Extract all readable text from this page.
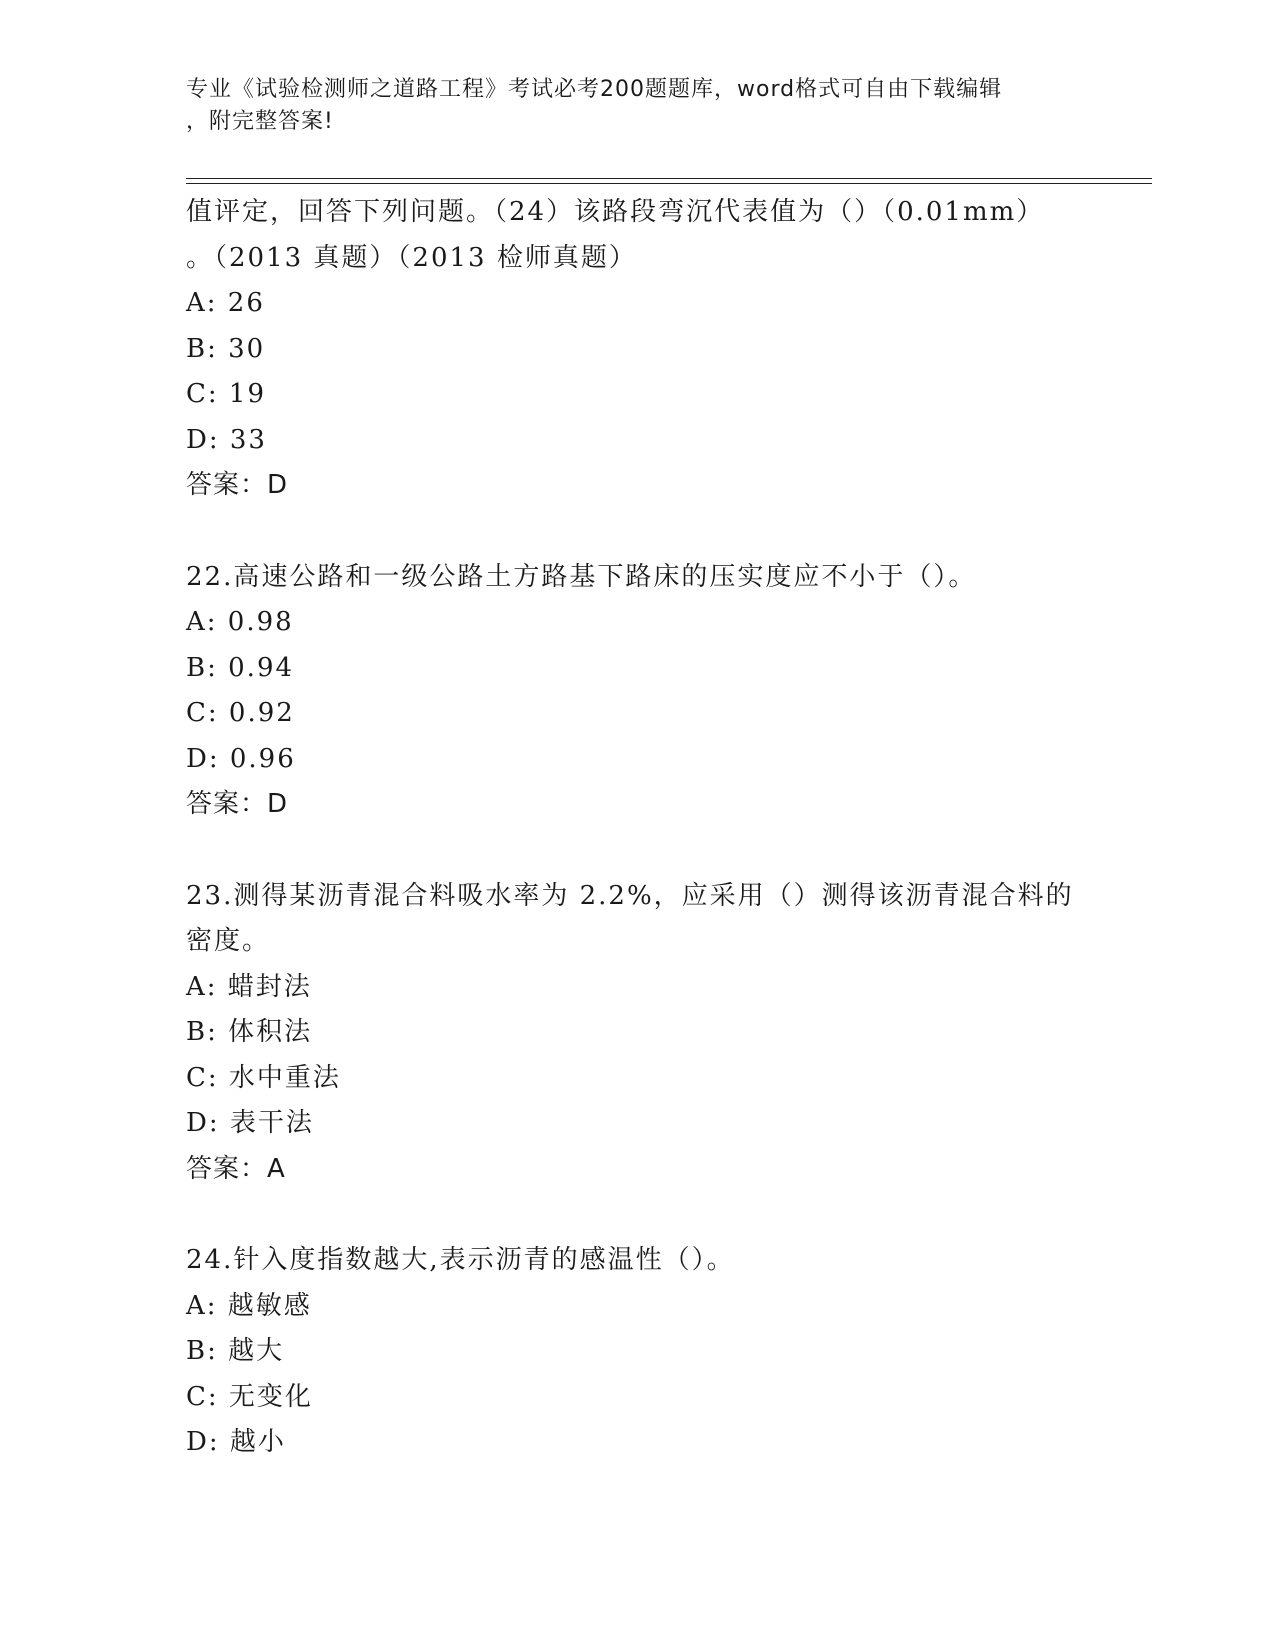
专业《试验检测师之道路工程》考试必考200题题库，word格式可自由下载编辑
，附完整答案!
值评定，回答下列问题。（24）该路段弯沉代表值为（）（0.01mm）
。（2013 真题）（2013 检师真题）
A: 26
B: 30
C: 19
D: 33
答案：D
22.高速公路和一级公路土方路基下路床的压实度应不小于（）。
A: 0.98
B: 0.94
C: 0.92
D: 0.96
答案：D
23.测得某沥青混合料吸水率为 2.2%，应采用（）测得该沥青混合料的
密度。
A: 蜡封法
B: 体积法
C: 水中重法
D: 表干法
答案：A
24.针入度指数越大,表示沥青的感温性（）。
A: 越敏感
B: 越大
C: 无变化
D: 越小
